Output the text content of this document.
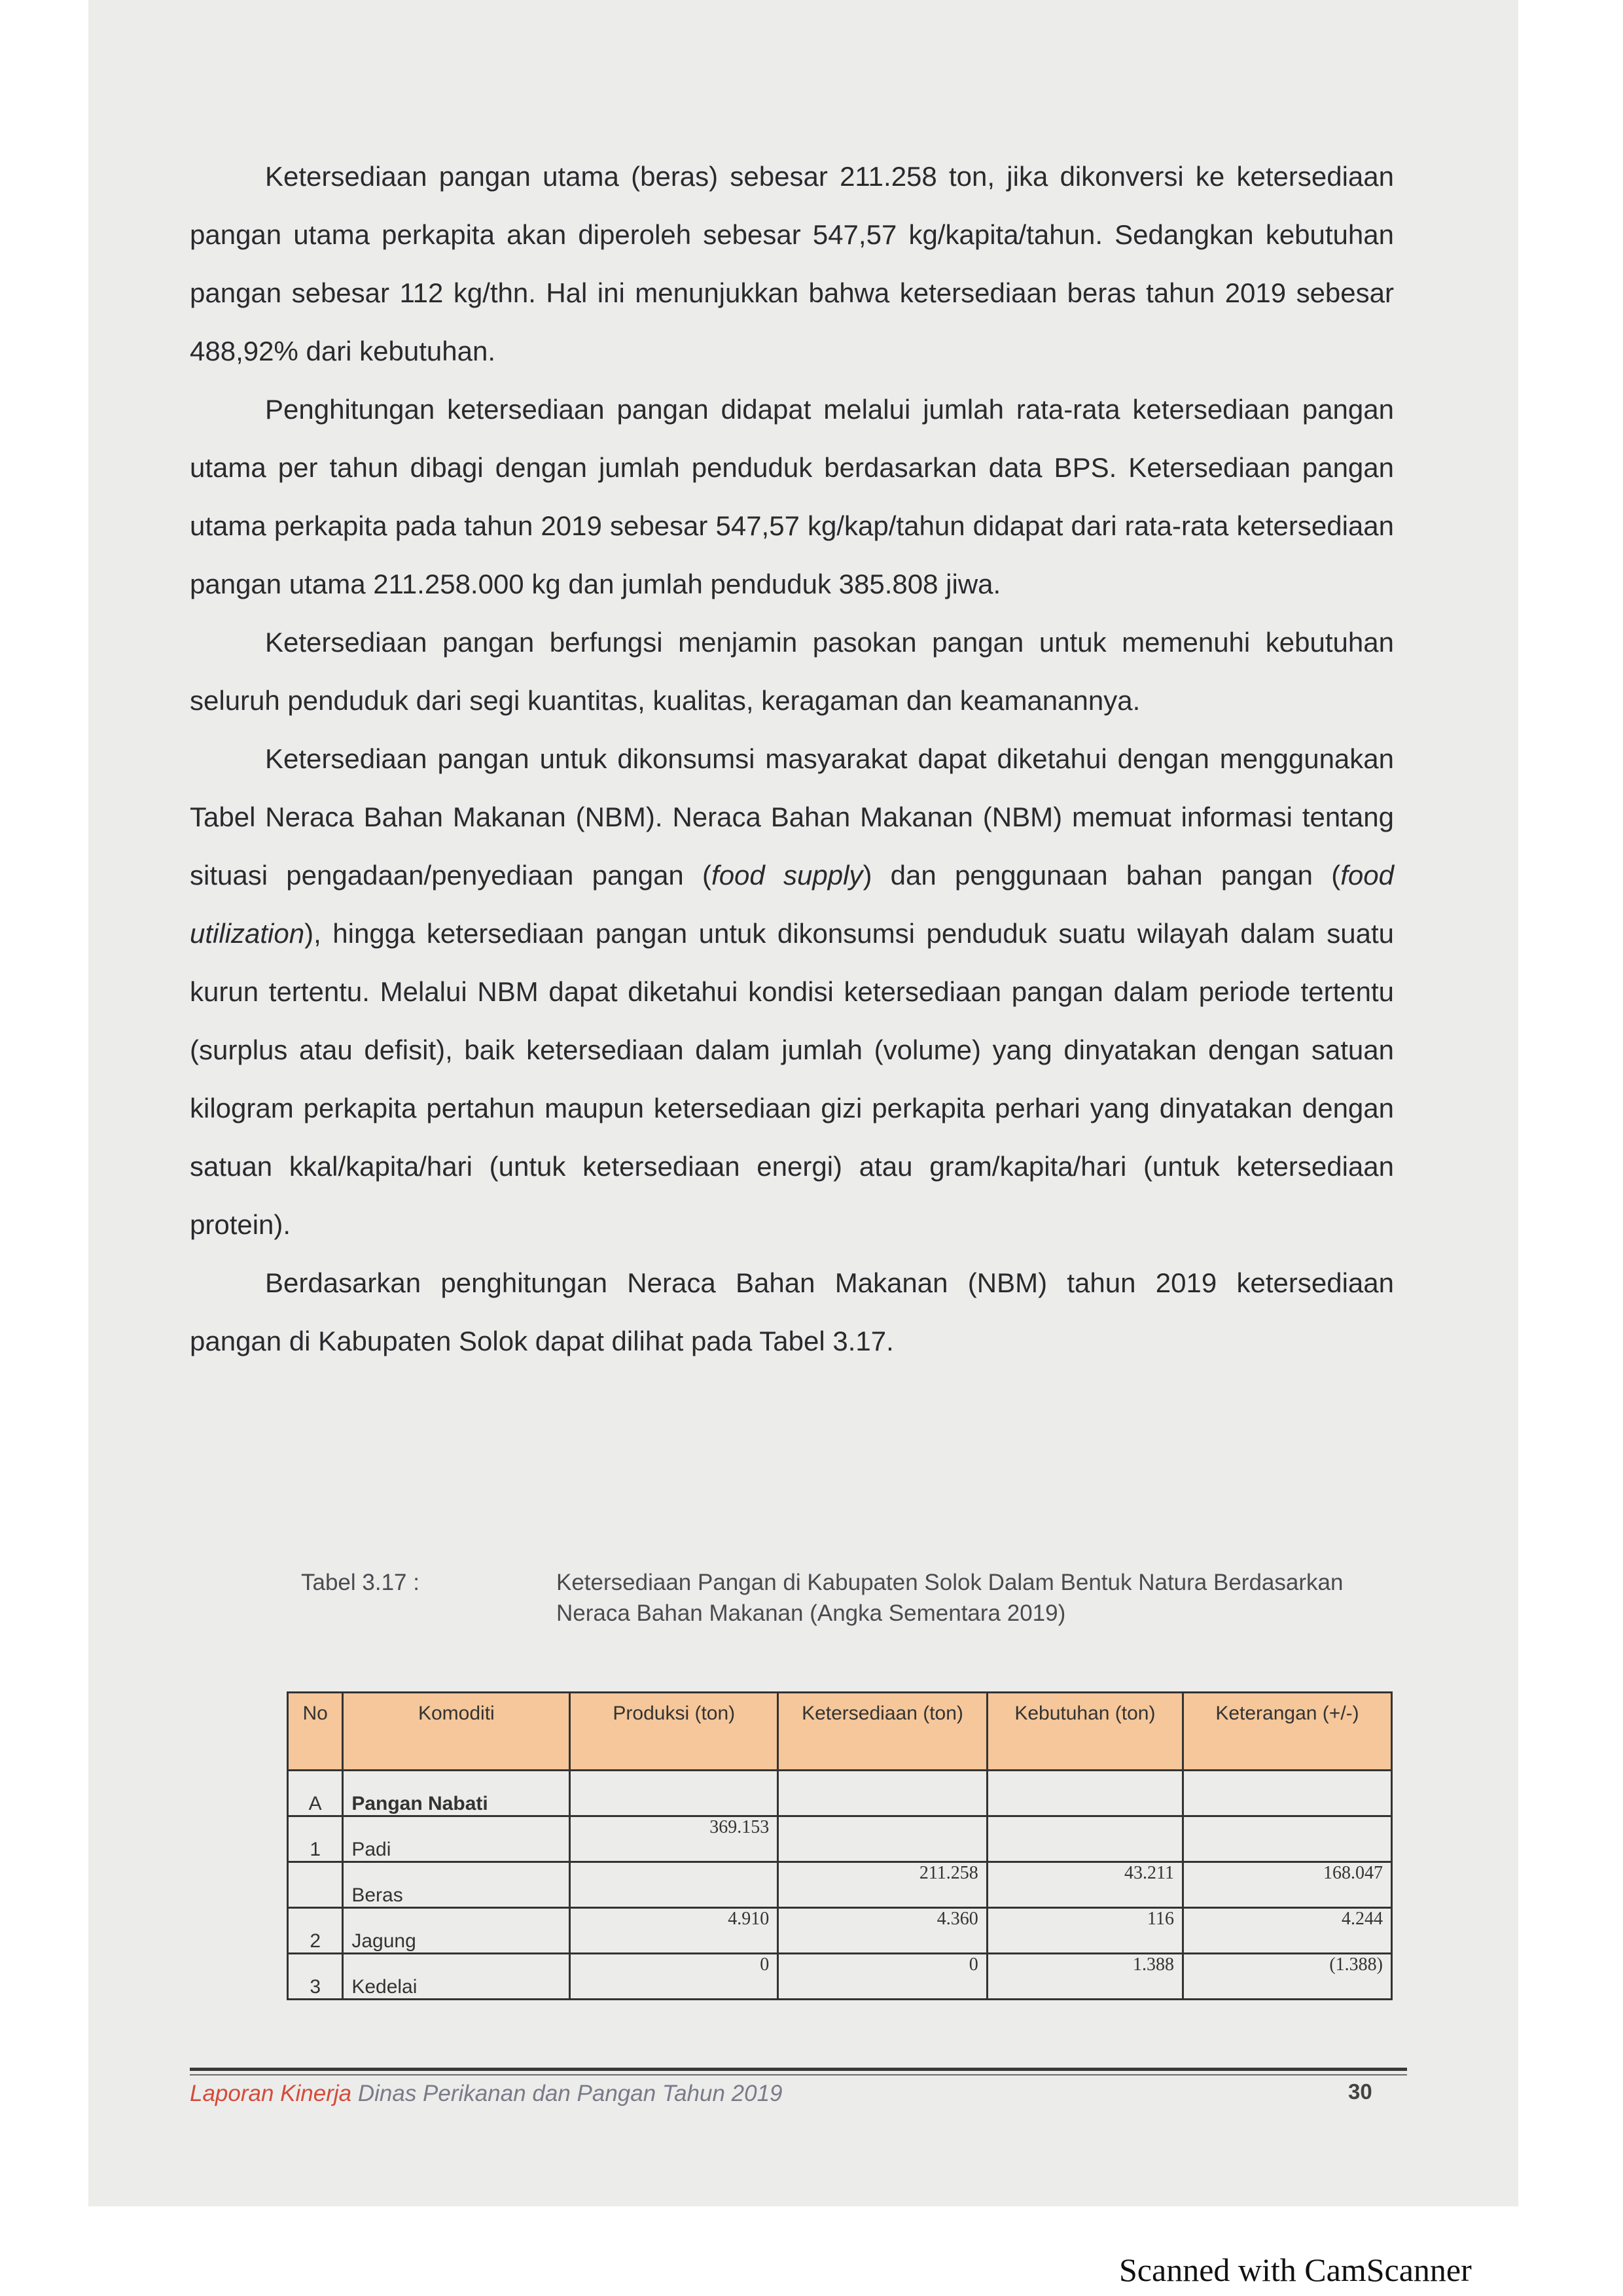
Ketersediaan pangan utama (beras) sebesar 211.258 ton, jika dikonversi ke ketersediaan pangan utama perkapita akan diperoleh sebesar 547,57 kg/kapita/tahun. Sedangkan kebutuhan pangan sebesar 112 kg/thn. Hal ini menunjukkan bahwa ketersediaan beras tahun 2019 sebesar 488,92% dari kebutuhan.

Penghitungan ketersediaan pangan didapat melalui jumlah rata-rata ketersediaan pangan utama per tahun dibagi dengan jumlah penduduk berdasarkan data BPS. Ketersediaan pangan utama perkapita pada tahun 2019 sebesar 547,57 kg/kap/tahun didapat dari rata-rata ketersediaan pangan utama 211.258.000 kg dan jumlah penduduk 385.808 jiwa.

Ketersediaan pangan berfungsi menjamin pasokan pangan untuk memenuhi kebutuhan seluruh penduduk dari segi kuantitas, kualitas, keragaman dan keamanannya.

Ketersediaan pangan untuk dikonsumsi masyarakat dapat diketahui dengan menggunakan Tabel Neraca Bahan Makanan (NBM). Neraca Bahan Makanan (NBM) memuat informasi tentang situasi pengadaan/penyediaan pangan (food supply) dan penggunaan bahan pangan (food utilization), hingga ketersediaan pangan untuk dikonsumsi penduduk suatu wilayah dalam suatu kurun tertentu. Melalui NBM dapat diketahui kondisi ketersediaan pangan dalam periode tertentu (surplus atau defisit), baik ketersediaan dalam jumlah (volume) yang dinyatakan dengan satuan kilogram perkapita pertahun maupun ketersediaan gizi perkapita perhari yang dinyatakan dengan satuan kkal/kapita/hari (untuk ketersediaan energi) atau gram/kapita/hari (untuk ketersediaan protein).

Berdasarkan penghitungan Neraca Bahan Makanan (NBM) tahun 2019 ketersediaan pangan di Kabupaten Solok dapat dilihat pada Tabel 3.17.

Tabel 3.17 :	Ketersediaan Pangan di Kabupaten Solok Dalam Bentuk Natura Berdasarkan Neraca Bahan Makanan (Angka Sementara 2019)
No	Komoditi	Produksi (ton)	Ketersediaan (ton)	Kebutuhan (ton)	Keterangan (+/-)
A	Pangan Nabati				
1	Padi	369.153			
	Beras		211.258	43.211	168.047
2	Jagung	4.910	4.360	116	4.244
3	Kedelai	0	0	1.388	(1.388)
Laporan Kinerja Dinas Perikanan dan Pangan Tahun 2019	30
Scanned with CamScanner
